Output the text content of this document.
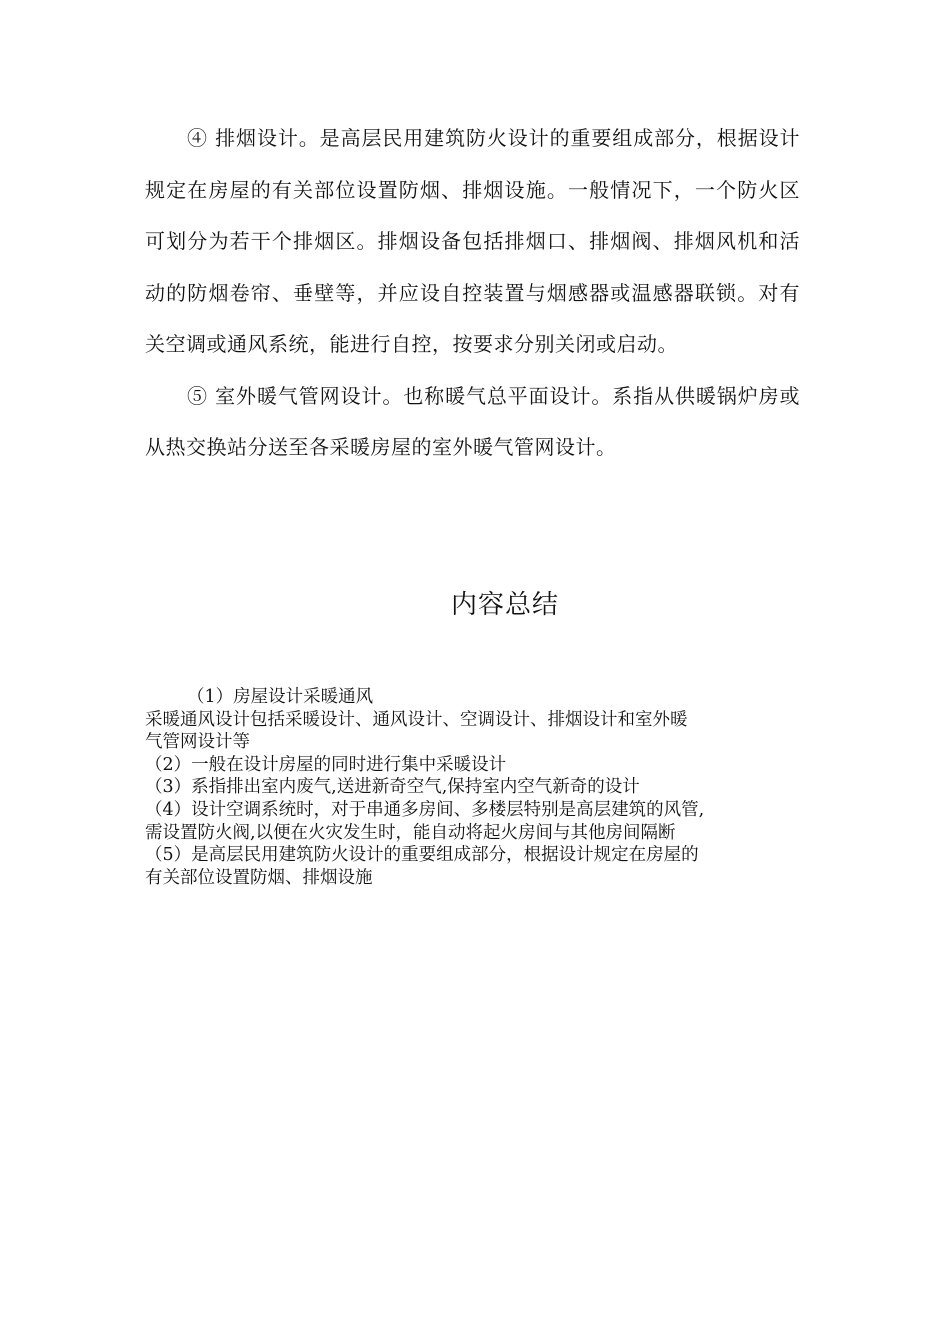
④ 排烟设计。是高层民用建筑防火设计的重要组成部分，根据设计规定在房屋的有关部位设置防烟、排烟设施。一般情况下，一个防火区可划分为若干个排烟区。排烟设备包括排烟口、排烟阀、排烟风机和活动的防烟卷帘、垂壁等，并应设自控装置与烟感器或温感器联锁。对有关空调或通风系统，能进行自控，按要求分别关闭或启动。

⑤ 室外暖气管网设计。也称暖气总平面设计。系指从供暖锅炉房或从热交换站分送至各采暖房屋的室外暖气管网设计。

内容总结

（1）房屋设计采暖通风

采暖通风设计包括采暖设计、通风设计、空调设计、排烟设计和室外暖

气管网设计等

（2）一般在设计房屋的同时进行集中采暖设计

（3）系指排出室内废气,送进新奇空气,保持室内空气新奇的设计

（4）设计空调系统时，对于串通多房间、多楼层特别是高层建筑的风管,

需设置防火阀,以便在火灾发生时，能自动将起火房间与其他房间隔断

（5）是高层民用建筑防火设计的重要组成部分，根据设计规定在房屋的

有关部位设置防烟、排烟设施
